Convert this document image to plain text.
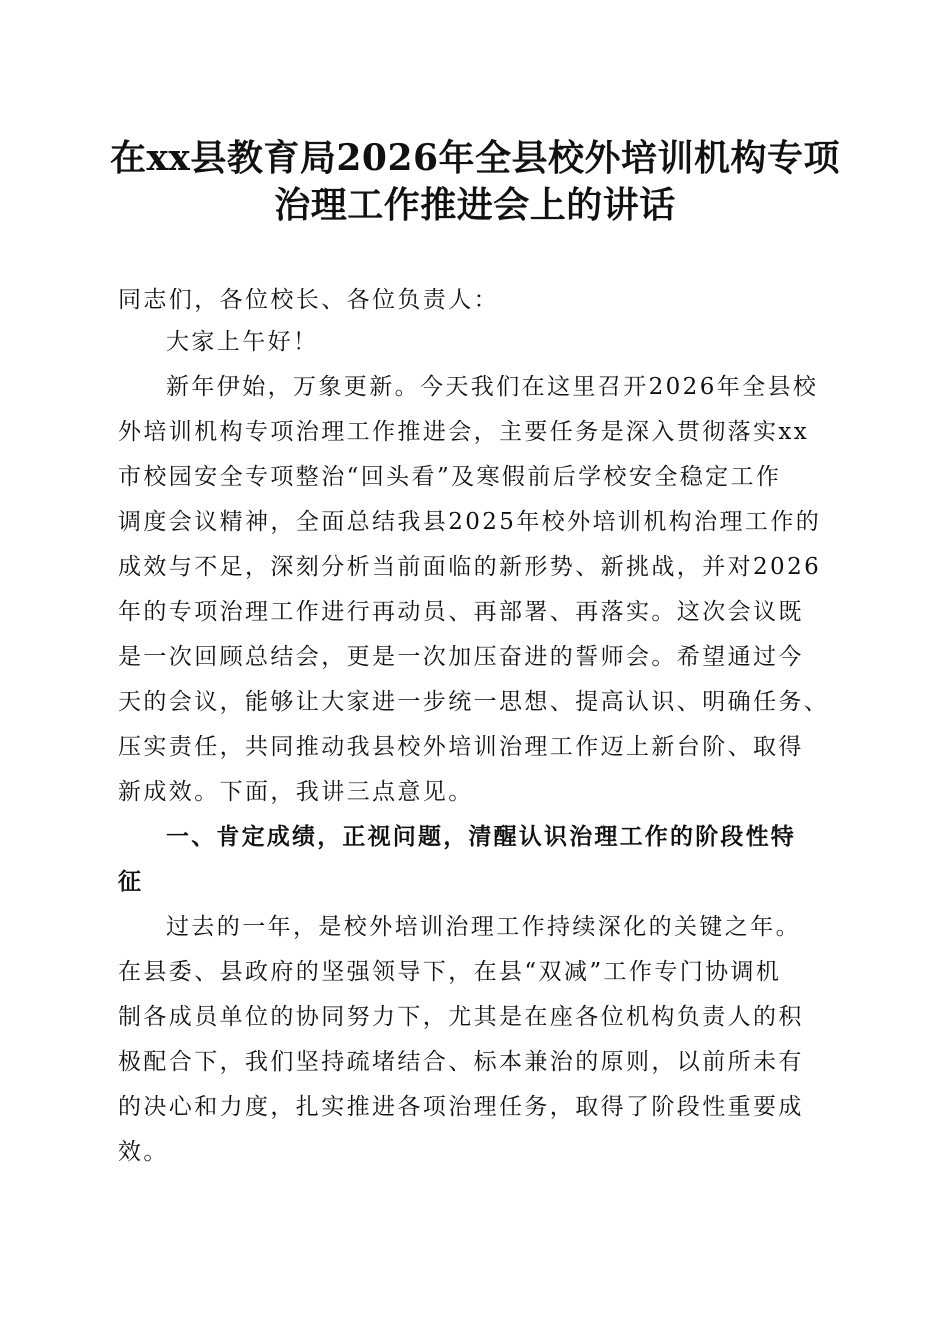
在xx县教育局2026年全县校外培训机构专项
治理工作推进会上的讲话

同志们，各位校长、各位负责人：

大家上午好！

新年伊始，万象更新。今天我们在这里召开2026年全县校

外培训机构专项治理工作推进会，主要任务是深入贯彻落实xx

市校园安全专项整治“回头看”及寒假前后学校安全稳定工作

调度会议精神，全面总结我县2025年校外培训机构治理工作的

成效与不足，深刻分析当前面临的新形势、新挑战，并对2026

年的专项治理工作进行再动员、再部署、再落实。这次会议既

是一次回顾总结会，更是一次加压奋进的誓师会。希望通过今

天的会议，能够让大家进一步统一思想、提高认识、明确任务、

压实责任，共同推动我县校外培训治理工作迈上新台阶、取得

新成效。下面，我讲三点意见。

一、肯定成绩，正视问题，清醒认识治理工作的阶段性特

征

过去的一年，是校外培训治理工作持续深化的关键之年。

在县委、县政府的坚强领导下，在县“双减”工作专门协调机

制各成员单位的协同努力下，尤其是在座各位机构负责人的积

极配合下，我们坚持疏堵结合、标本兼治的原则，以前所未有

的决心和力度，扎实推进各项治理任务，取得了阶段性重要成

效。
